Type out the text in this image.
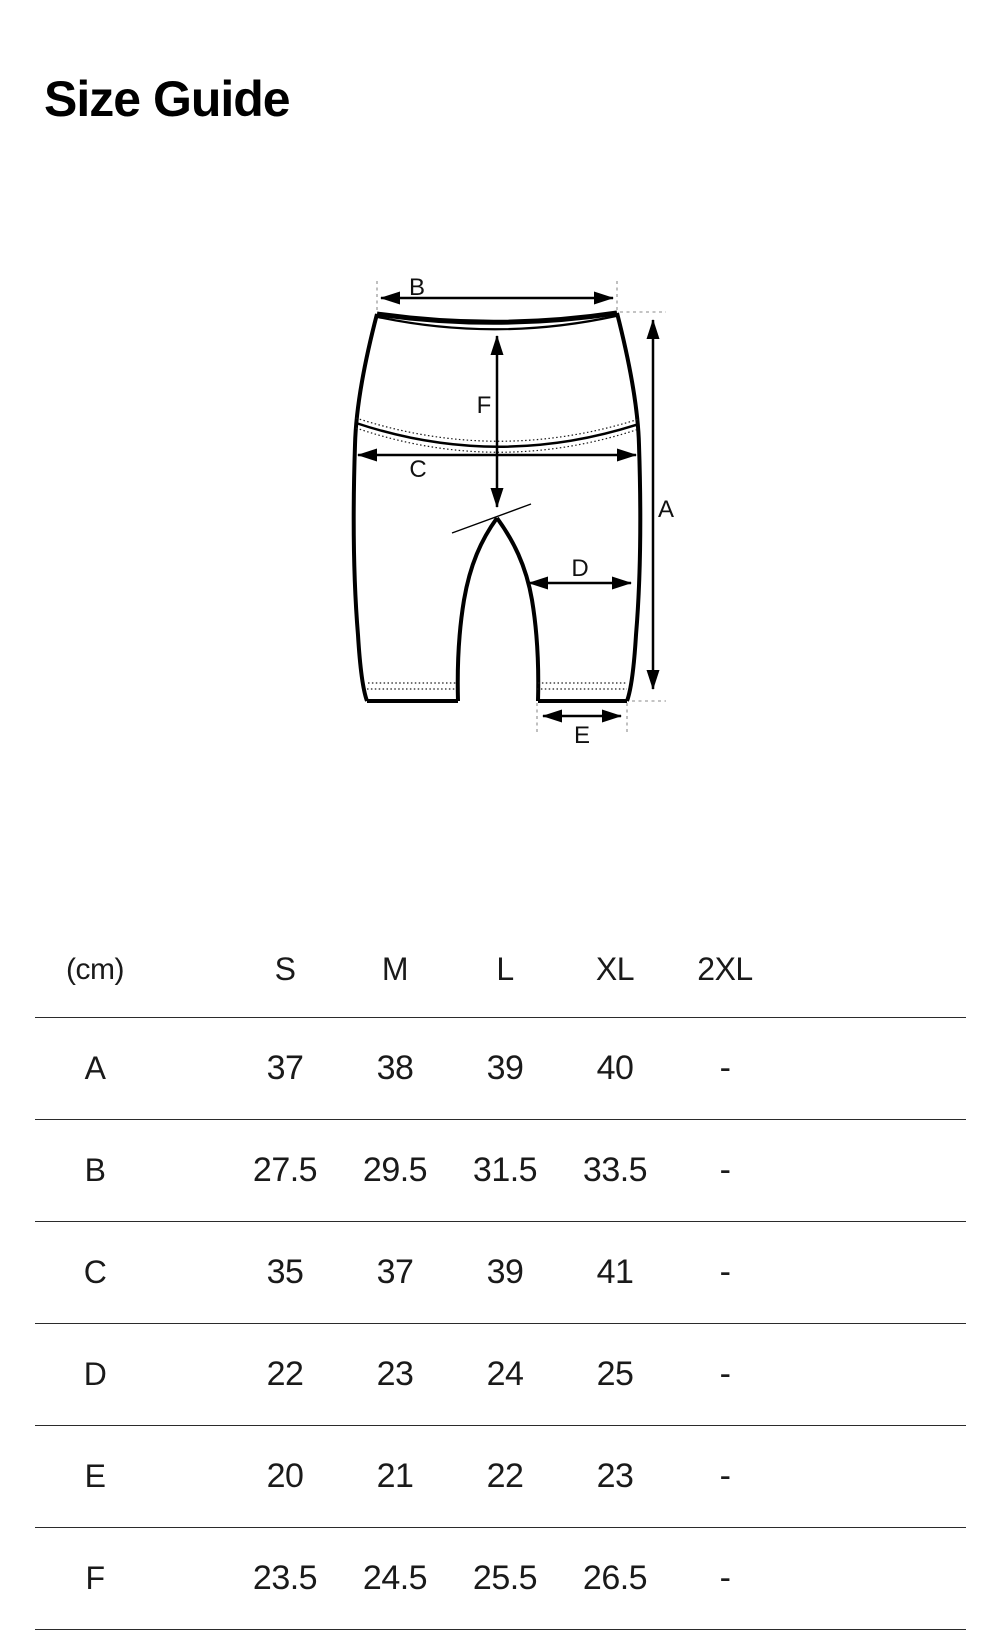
Size Guide
B
A
F
C
D
E
(cm)	S	M	L	XL	2XL
A	37	38	39	40	-
B	27.5	29.5	31.5	33.5	-
C	35	37	39	41	-
D	22	23	24	25	-
E	20	21	22	23	-
F	23.5	24.5	25.5	26.5	-
